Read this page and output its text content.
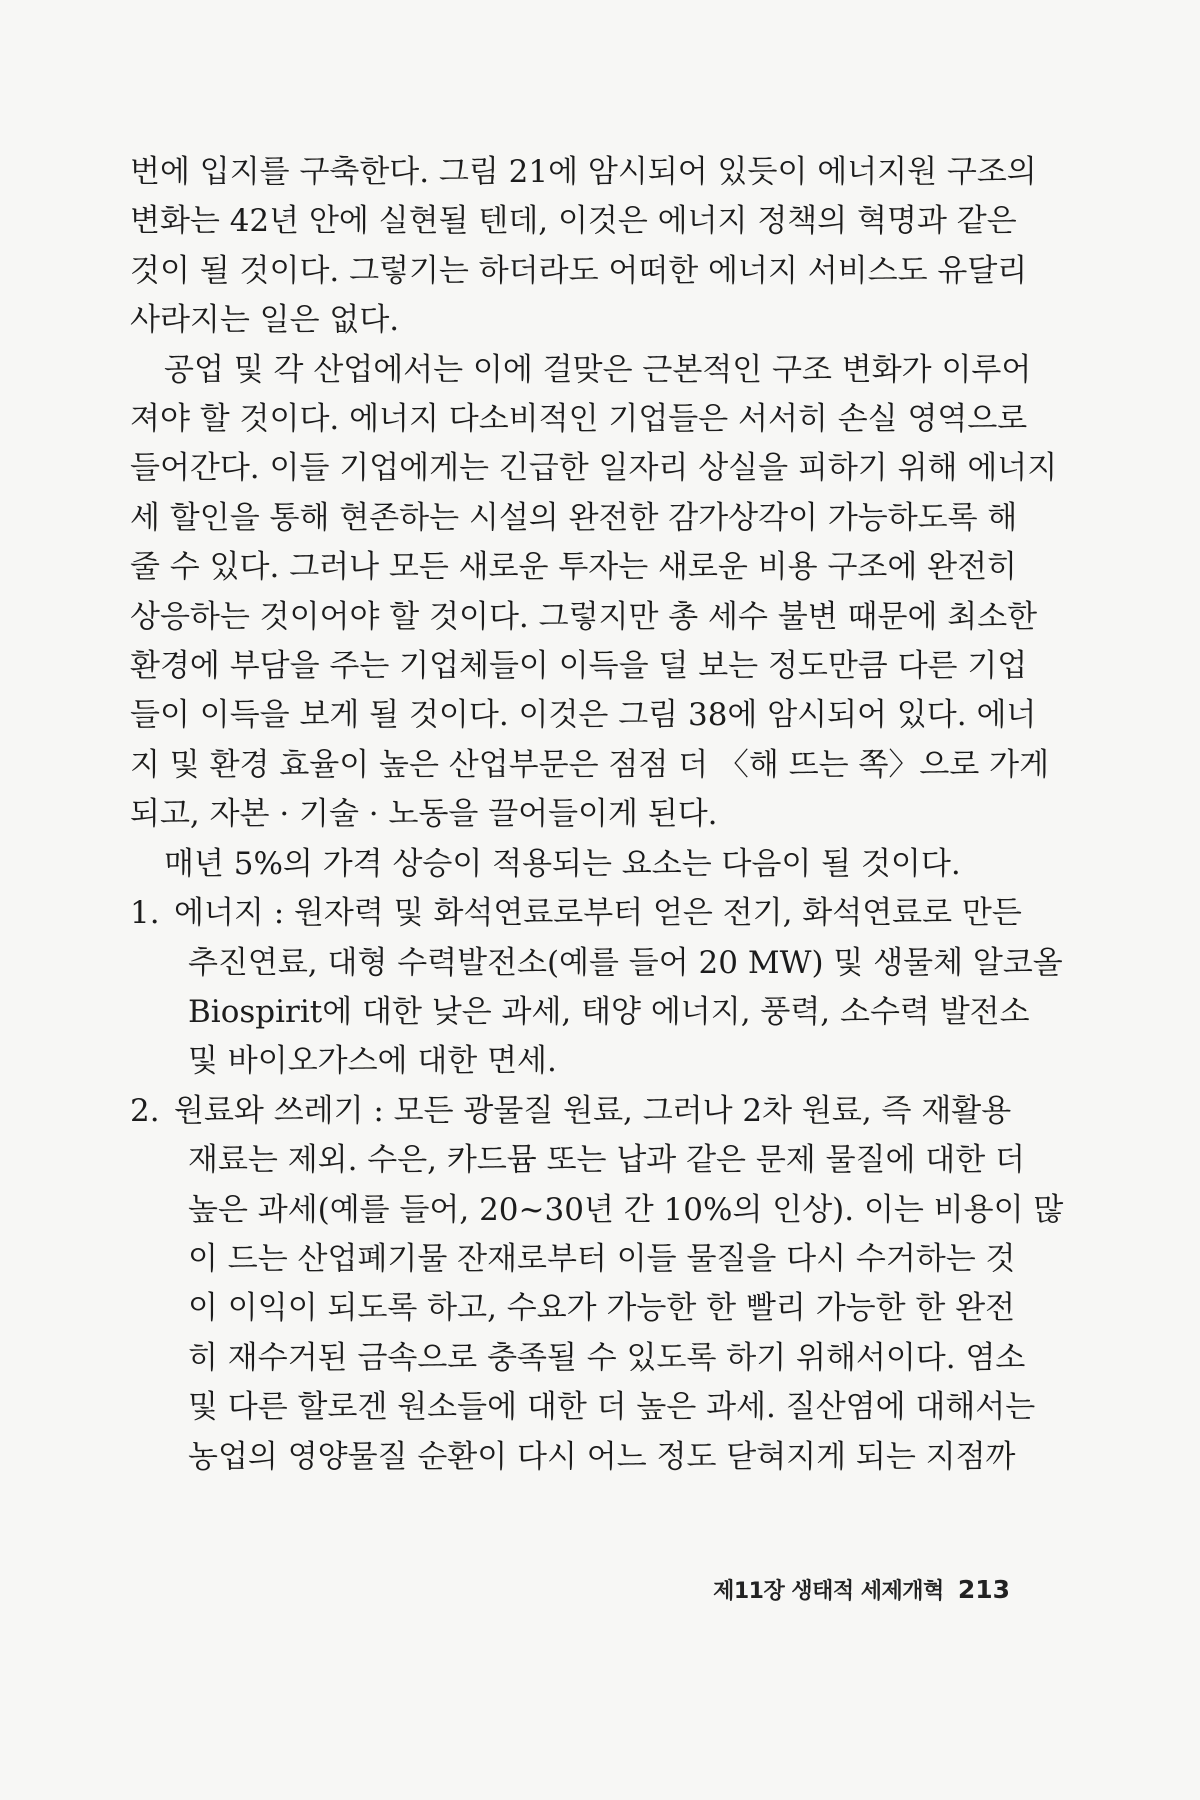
번에 입지를 구축한다. 그림 21에 암시되어 있듯이 에너지원 구조의
변화는 42년 안에 실현될 텐데, 이것은 에너지 정책의 혁명과 같은
것이 될 것이다. 그렇기는 하더라도 어떠한 에너지 서비스도 유달리
사라지는 일은 없다.
공업 및 각 산업에서는 이에 걸맞은 근본적인 구조 변화가 이루어
져야 할 것이다. 에너지 다소비적인 기업들은 서서히 손실 영역으로
들어간다. 이들 기업에게는 긴급한 일자리 상실을 피하기 위해 에너지
세 할인을 통해 현존하는 시설의 완전한 감가상각이 가능하도록 해
줄 수 있다. 그러나 모든 새로운 투자는 새로운 비용 구조에 완전히
상응하는 것이어야 할 것이다. 그렇지만 총 세수 불변 때문에 최소한
환경에 부담을 주는 기업체들이 이득을 덜 보는 정도만큼 다른 기업
들이 이득을 보게 될 것이다. 이것은 그림 38에 암시되어 있다. 에너
지 및 환경 효율이 높은 산업부문은 점점 더 〈해 뜨는 쪽〉으로 가게
되고, 자본 · 기술 · 노동을 끌어들이게 된다.
매년 5%의 가격 상승이 적용되는 요소는 다음이 될 것이다.
1. 에너지 : 원자력 및 화석연료로부터 얻은 전기, 화석연료로 만든
추진연료, 대형 수력발전소(예를 들어 20 MW) 및 생물체 알코올
Biospirit에 대한 낮은 과세, 태양 에너지, 풍력, 소수력 발전소
및 바이오가스에 대한 면세.
2. 원료와 쓰레기 : 모든 광물질 원료, 그러나 2차 원료, 즉 재활용
재료는 제외. 수은, 카드뮴 또는 납과 같은 문제 물질에 대한 더
높은 과세(예를 들어, 20~30년 간 10%의 인상). 이는 비용이 많
이 드는 산업폐기물 잔재로부터 이들 물질을 다시 수거하는 것
이 이익이 되도록 하고, 수요가 가능한 한 빨리 가능한 한 완전
히 재수거된 금속으로 충족될 수 있도록 하기 위해서이다. 염소
및 다른 할로겐 원소들에 대한 더 높은 과세. 질산염에 대해서는
농업의 영양물질 순환이 다시 어느 정도 닫혀지게 되는 지점까
제11장 생태적 세제개혁 213
